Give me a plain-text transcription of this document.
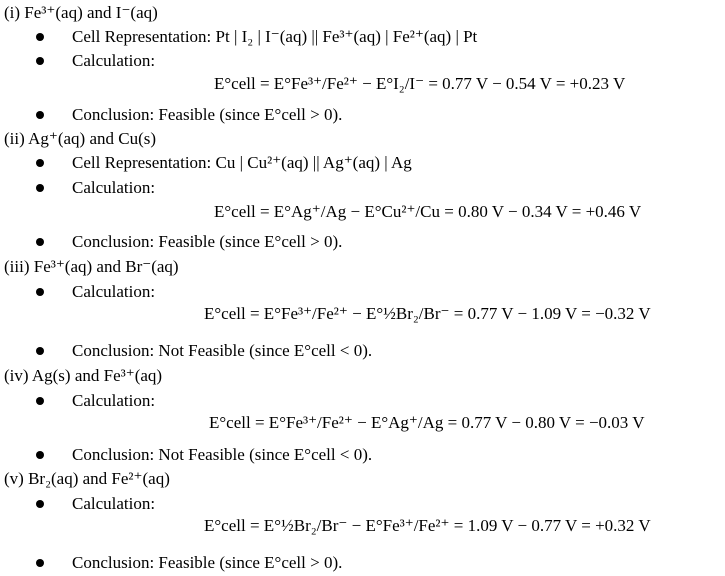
(i) Fe³⁺(aq) and I⁻(aq)
Cell Representation: Pt | I₂ | I⁻(aq) || Fe³⁺(aq) | Fe²⁺(aq) | Pt
Calculation:
E°cell = E°Fe³⁺/Fe²⁺ − E°I₂/I⁻ = 0.77 V − 0.54 V = +0.23 V
Conclusion: Feasible (since E°cell > 0).
(ii) Ag⁺(aq) and Cu(s)
Cell Representation: Cu | Cu²⁺(aq) || Ag⁺(aq) | Ag
Calculation:
E°cell = E°Ag⁺/Ag − E°Cu²⁺/Cu = 0.80 V − 0.34 V = +0.46 V
Conclusion: Feasible (since E°cell > 0).
(iii) Fe³⁺(aq) and Br⁻(aq)
Calculation:
E°cell = E°Fe³⁺/Fe²⁺ − E°½Br₂/Br⁻ = 0.77 V − 1.09 V = −0.32 V
Conclusion: Not Feasible (since E°cell < 0).
(iv) Ag(s) and Fe³⁺(aq)
Calculation:
E°cell = E°Fe³⁺/Fe²⁺ − E°Ag⁺/Ag = 0.77 V − 0.80 V = −0.03 V
Conclusion: Not Feasible (since E°cell < 0).
(v) Br₂(aq) and Fe²⁺(aq)
Calculation:
E°cell = E°½Br₂/Br⁻ − E°Fe³⁺/Fe²⁺ = 1.09 V − 0.77 V = +0.32 V
Conclusion: Feasible (since E°cell > 0).
